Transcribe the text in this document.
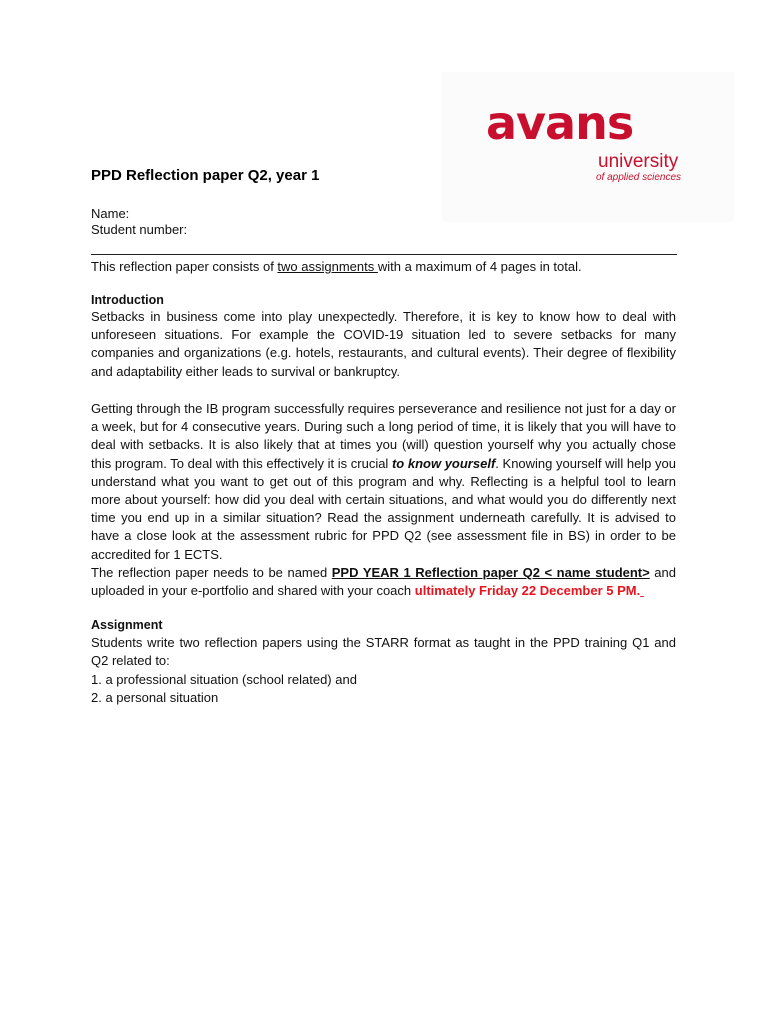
avans
university
of applied sciences
PPD Reflection paper Q2, year 1
Name:
Student number:

This reflection paper consists of two assignments with a maximum of 4 pages in total.

Introduction

Setbacks in business come into play unexpectedly. Therefore, it is key to know how to deal with unforeseen situations. For example the COVID-19 situation led to severe setbacks for many companies and organizations (e.g. hotels, restaurants, and cultural events). Their degree of flexibility and adaptability either leads to survival or bankruptcy.

Getting through the IB program successfully requires perseverance and resilience not just for a day or a week, but for 4 consecutive years. During such a long period of time, it is likely that you will have to deal with setbacks. It is also likely that at times you (will) question yourself why you actually chose this program. To deal with this effectively it is crucial to know yourself. Knowing yourself will help you understand what you want to get out of this program and why. Reflecting is a helpful tool to learn more about yourself: how did you deal with certain situations, and what would you do differently next time you end up in a similar situation? Read the assignment underneath carefully. It is advised to have a close look at the assessment rubric for PPD Q2 (see assessment file in BS) in order to be accredited for 1 ECTS.

The reflection paper needs to be named PPD YEAR 1 Reflection paper Q2 < name student> and uploaded in your e-portfolio and shared with your coach ultimately Friday 22 December 5 PM.

Assignment

Students write two reflection papers using the STARR format as taught in the PPD training Q1 and Q2 related to:

1. a professional situation (school related) and
2. a personal situation
